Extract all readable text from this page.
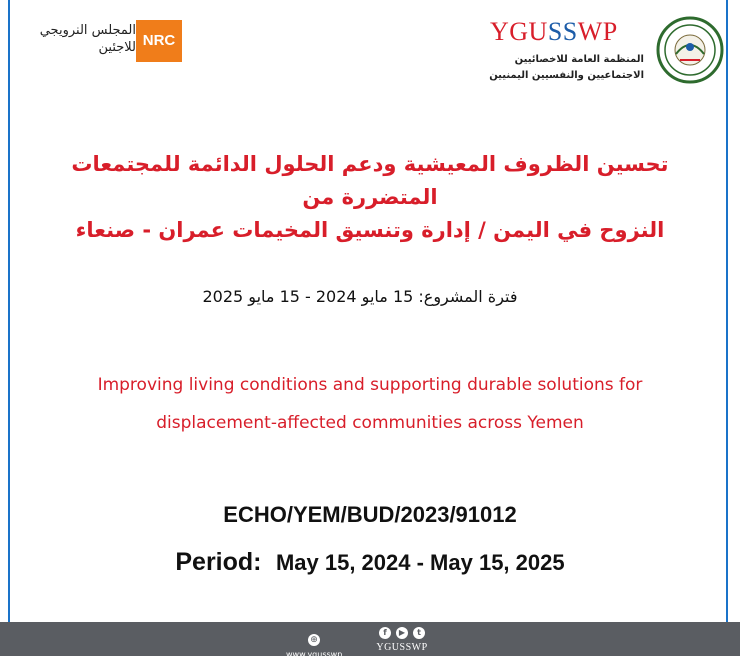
المجلس النرويجي
للاجئين NRC	YGUSSWP
المنظمة العامة للاخصائيين
الاجتماعيين والنفسيين اليمنيين
تحسين الظروف المعيشية ودعم الحلول الدائمة للمجتمعات المتضررة من
النزوح في اليمن / إدارة وتنسيق المخيمات عمران - صنعاء
فترة المشروع: 15 مايو 2024 - 15 مايو 2025
Improving living conditions and supporting durable solutions for
displacement-affected communities across Yemen
ECHO/YEM/BUD/2023/91012
Period: May 15, 2024 - May 15, 2025
⊕
www.ygusswp
f	▶	t
YGUSSWP
